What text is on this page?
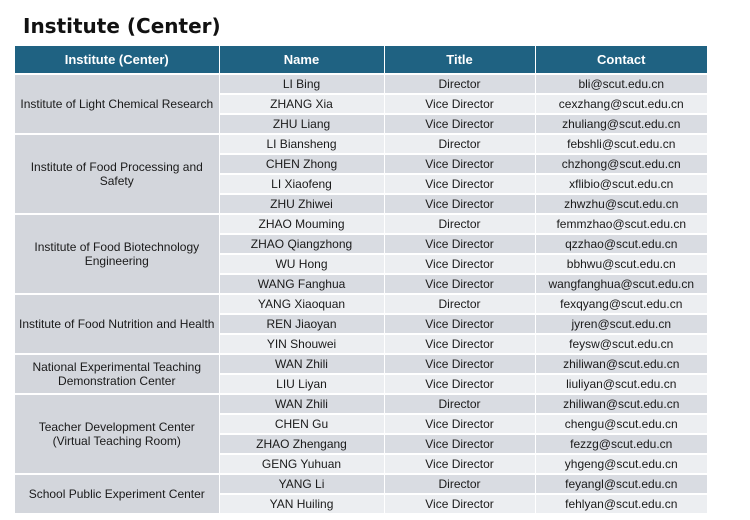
Institute (Center)
Institute (Center)	Name	Title	Contact
Institute of Light Chemical Research	LI Bing	Director	bli@scut.edu.cn
	ZHANG Xia	Vice Director	cexzhang@scut.edu.cn
	ZHU Liang	Vice Director	zhuliang@scut.edu.cn
Institute of Food Processing and Safety	LI Biansheng	Director	febshli@scut.edu.cn
	CHEN Zhong	Vice Director	chzhong@scut.edu.cn
	LI Xiaofeng	Vice Director	xflibio@scut.edu.cn
	ZHU Zhiwei	Vice Director	zhwzhu@scut.edu.cn
Institute of Food Biotechnology Engineering	ZHAO Mouming	Director	femmzhao@scut.edu.cn
	ZHAO Qiangzhong	Vice Director	qzzhao@scut.edu.cn
	WU Hong	Vice Director	bbhwu@scut.edu.cn
	WANG Fanghua	Vice Director	wangfanghua@scut.edu.cn
Institute of Food Nutrition and Health	YANG Xiaoquan	Director	fexqyang@scut.edu.cn
	REN Jiaoyan	Vice Director	jyren@scut.edu.cn
	YIN Shouwei	Vice Director	feysw@scut.edu.cn
National Experimental Teaching Demonstration Center	WAN Zhili	Vice Director	zhiliwan@scut.edu.cn
	LIU Liyan	Vice Director	liuliyan@scut.edu.cn
Teacher Development Center (Virtual Teaching Room)	WAN Zhili	Director	zhiliwan@scut.edu.cn
	CHEN Gu	Vice Director	chengu@scut.edu.cn
	ZHAO Zhengang	Vice Director	fezzg@scut.edu.cn
	GENG Yuhuan	Vice Director	yhgeng@scut.edu.cn
School Public Experiment Center	YANG Li	Director	feyangl@scut.edu.cn
	YAN Huiling	Vice Director	fehlyan@scut.edu.cn
